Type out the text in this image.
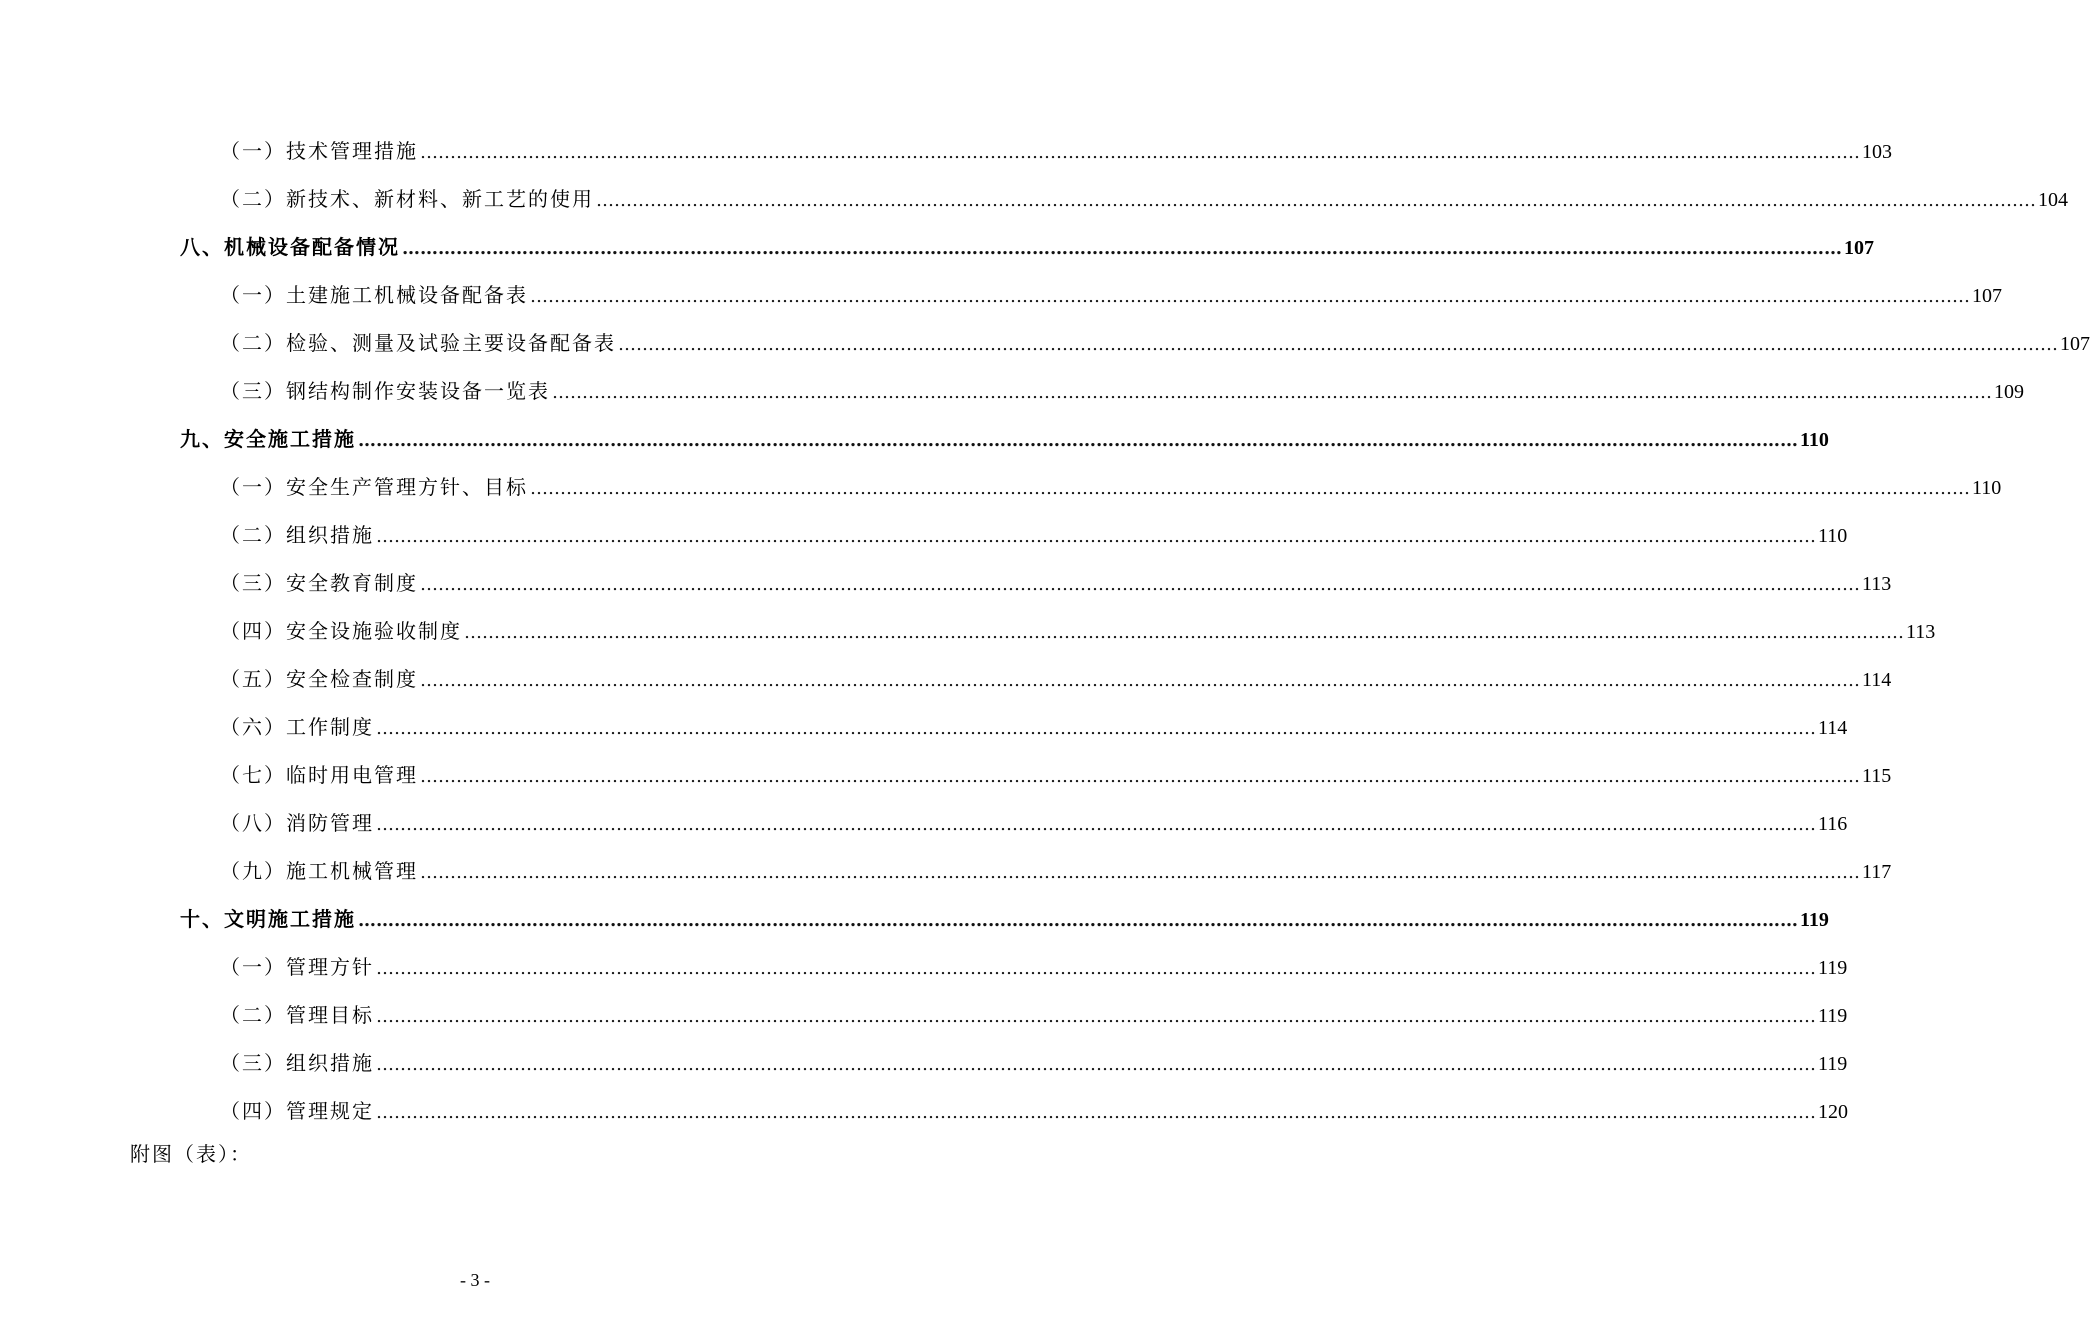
（一）技术管理措施 …………………………………………………………………………………………………………………………………………………………………………………………………………………… 103
（二）新技术、新材料、新工艺的使用 …………………………………………………………………………………………………………………………………………………………………………………………………………………… 104
八、机械设备配备情况 …………………………………………………………………………………………………………………………………………………………………………………………………………………… 107
（一）土建施工机械设备配备表 …………………………………………………………………………………………………………………………………………………………………………………………………………………… 107
（二）检验、测量及试验主要设备配备表 …………………………………………………………………………………………………………………………………………………………………………………………………………………… 107
（三）钢结构制作安装设备一览表 …………………………………………………………………………………………………………………………………………………………………………………………………………………… 109
九、安全施工措施 …………………………………………………………………………………………………………………………………………………………………………………………………………………… 110
（一）安全生产管理方针、目标 …………………………………………………………………………………………………………………………………………………………………………………………………………………… 110
（二）组织措施 …………………………………………………………………………………………………………………………………………………………………………………………………………………… 110
（三）安全教育制度 …………………………………………………………………………………………………………………………………………………………………………………………………………………… 113
（四）安全设施验收制度 …………………………………………………………………………………………………………………………………………………………………………………………………………………… 113
（五）安全检查制度 …………………………………………………………………………………………………………………………………………………………………………………………………………………… 114
（六）工作制度 …………………………………………………………………………………………………………………………………………………………………………………………………………………… 114
（七）临时用电管理 …………………………………………………………………………………………………………………………………………………………………………………………………………………… 115
（八）消防管理 …………………………………………………………………………………………………………………………………………………………………………………………………………………… 116
（九）施工机械管理 …………………………………………………………………………………………………………………………………………………………………………………………………………………… 117
十、文明施工措施 …………………………………………………………………………………………………………………………………………………………………………………………………………………… 119
（一）管理方针 …………………………………………………………………………………………………………………………………………………………………………………………………………………… 119
（二）管理目标 …………………………………………………………………………………………………………………………………………………………………………………………………………………… 119
（三）组织措施 …………………………………………………………………………………………………………………………………………………………………………………………………………………… 119
（四）管理规定 …………………………………………………………………………………………………………………………………………………………………………………………………………………… 120
附图（表）：
- 3 -
